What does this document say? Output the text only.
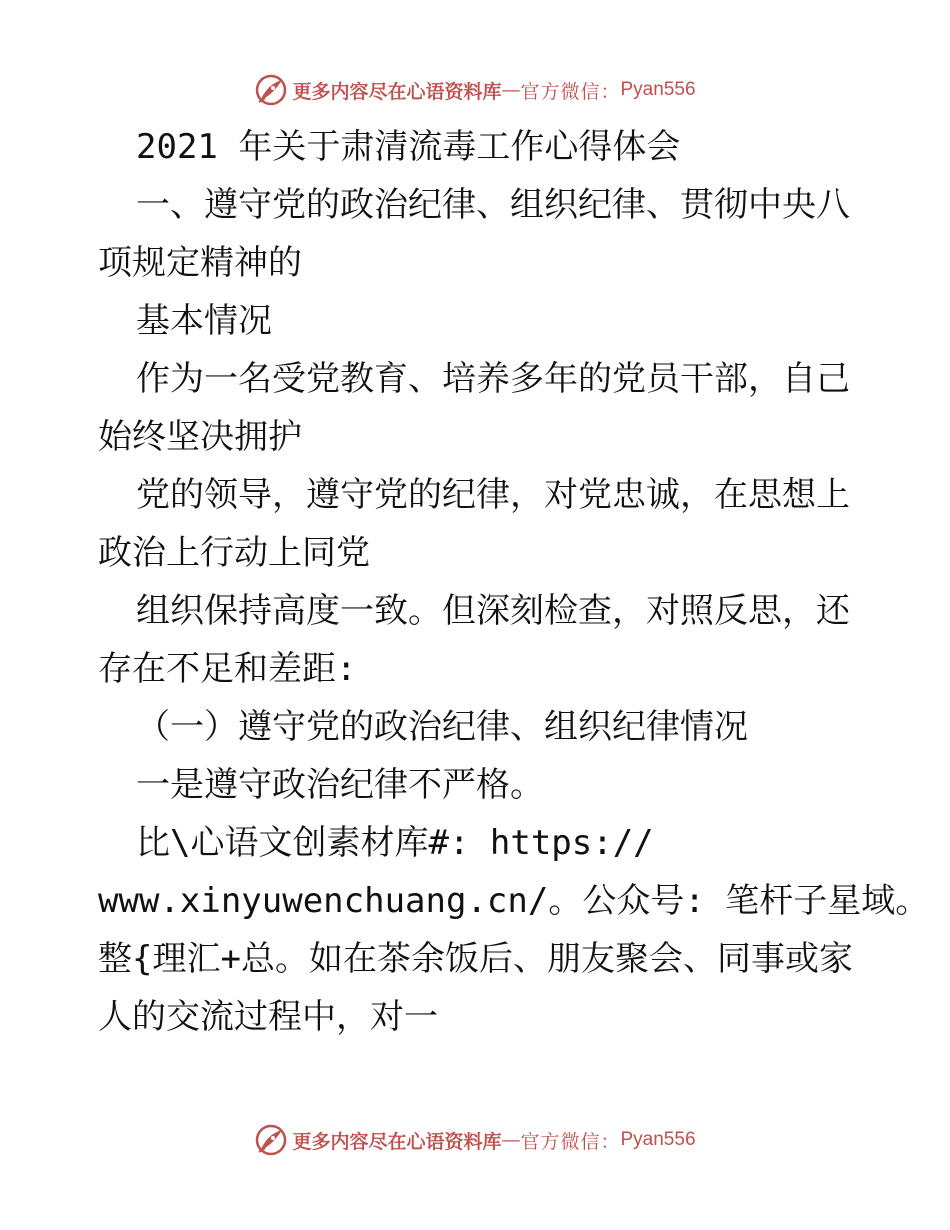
更多内容尽在心语资料库 — 官方微信： Pyan556
2021 年关于肃清流毒工作心得体会
一、遵守党的政治纪律、组织纪律、贯彻中央八
项规定精神的
基本情况
作为一名受党教育、培养多年的党员干部，自己
始终坚决拥护
党的领导，遵守党的纪律，对党忠诚，在思想上
政治上行动上同党
组织保持高度一致。但深刻检查，对照反思，还
存在不足和差距:
（一）遵守党的政治纪律、组织纪律情况
一是遵守政治纪律不严格。
比\心语文创素材库#: https://
www.xinyuwenchuang.cn/。公众号: 笔杆子星域。
整{理汇+总。如在茶余饭后、朋友聚会、同事或家
人的交流过程中，对一
更多内容尽在心语资料库 — 官方微信： Pyan556
